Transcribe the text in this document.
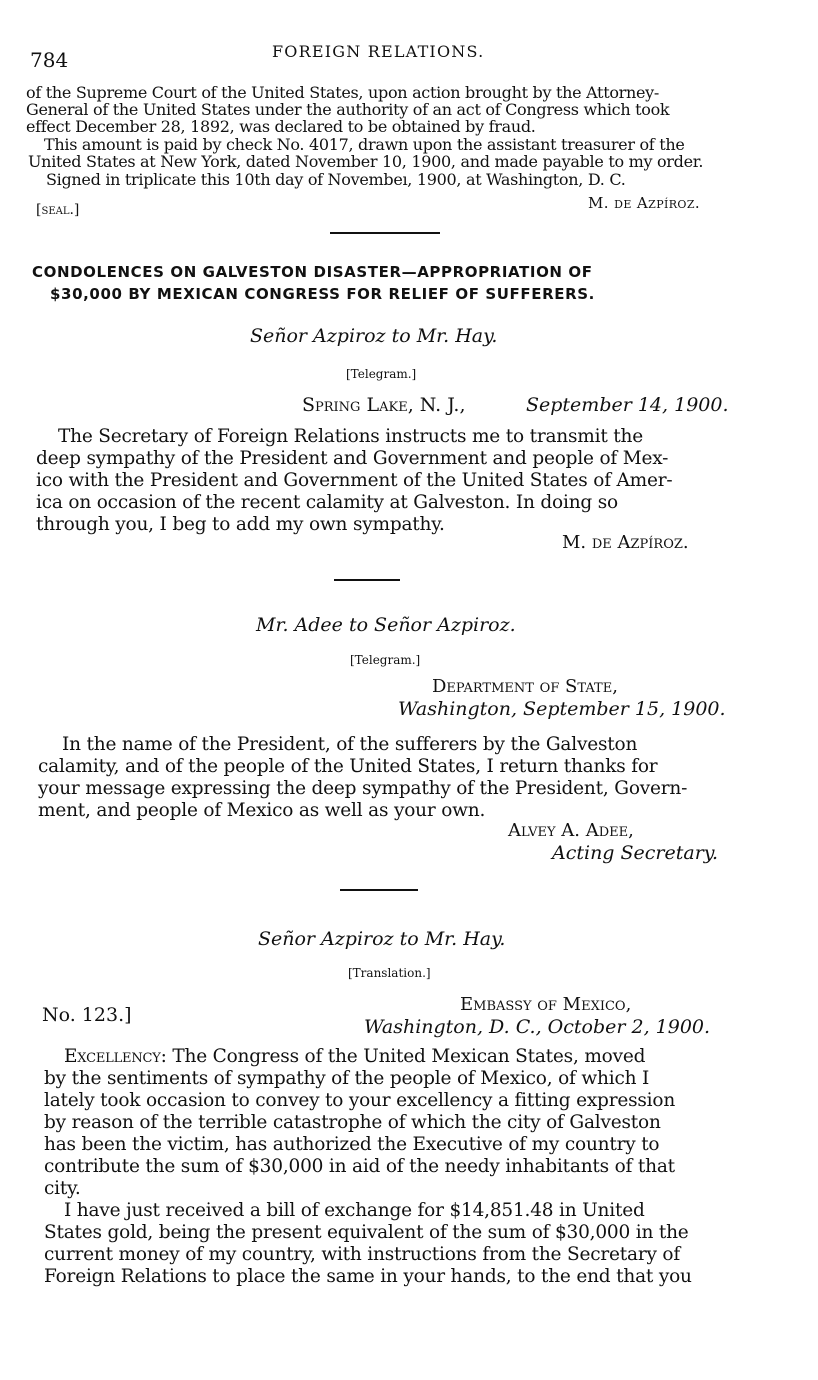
784	FOREIGN RELATIONS.
of the Supreme Court of the United States, upon action brought by the Attorney-
General of the United States under the authority of an act of Congress which took
effect December 28, 1892, was declared to be obtained by fraud.
This amount is paid by check No. 4017, drawn upon the assistant treasurer of the
United States at New York, dated November 10, 1900, and made payable to my order.
Signed in triplicate this 10th day of Novembeı, 1900, at Washington, D. C.
M. de Azpíroz.
[seal.]
CONDOLENCES ON GALVESTON DISASTER—APPROPRIATION OF
$30,000 BY MEXICAN CONGRESS FOR RELIEF OF SUFFERERS.
Señor Azpiroz to Mr. Hay.
[Telegram.]
Spring Lake, N. J.,	September 14, 1900.
The Secretary of Foreign Relations instructs me to transmit the
deep sympathy of the President and Government and people of Mex-
ico with the President and Government of the United States of Amer-
ica on occasion of the recent calamity at Galveston. In doing so
through you, I beg to add my own sympathy.
M. de Azpíroz.
Mr. Adee to Señor Azpiroz.
[Telegram.]
Department of State,
Washington, September 15, 1900.
In the name of the President, of the sufferers by the Galveston
calamity, and of the people of the United States, I return thanks for
your message expressing the deep sympathy of the President, Govern-
ment, and people of Mexico as well as your own.
Alvey A. Adee,
Acting Secretary.
Señor Azpiroz to Mr. Hay.
[Translation.]
No. 123.]	Embassy of Mexico,
Washington, D. C., October 2, 1900.
Excellency: The Congress of the United Mexican States, moved
by the sentiments of sympathy of the people of Mexico, of which I
lately took occasion to convey to your excellency a fitting expression
by reason of the terrible catastrophe of which the city of Galveston
has been the victim, has authorized the Executive of my country to
contribute the sum of $30,000 in aid of the needy inhabitants of that
city.
I have just received a bill of exchange for $14,851.48 in United
States gold, being the present equivalent of the sum of $30,000 in the
current money of my country, with instructions from the Secretary of
Foreign Relations to place the same in your hands, to the end that you
